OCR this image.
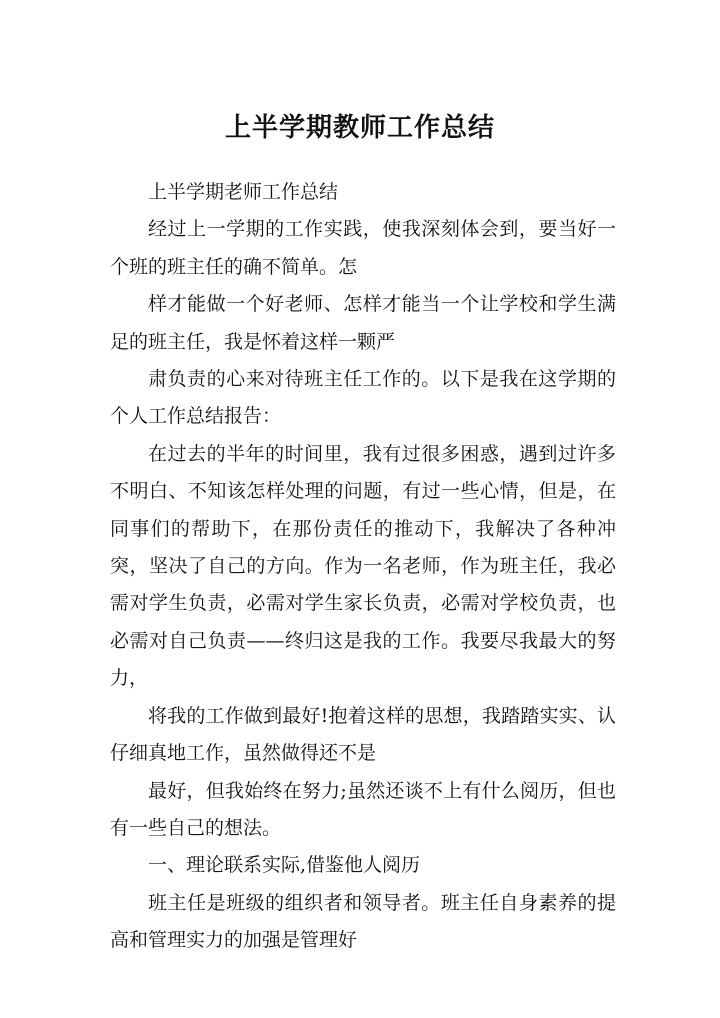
上半学期教师工作总结

上半学期老师工作总结

经过上一学期的工作实践，使我深刻体会到，要当好一个班的班主任的确不简单。怎

样才能做一个好老师、怎样才能当一个让学校和学生满足的班主任，我是怀着这样一颗严

肃负责的心来对待班主任工作的。以下是我在这学期的个人工作总结报告：

在过去的半年的时间里，我有过很多困惑，遇到过许多不明白、不知该怎样处理的问题，有过一些心情，但是，在同事们的帮助下，在那份责任的推动下，我解决了各种冲突，坚决了自己的方向。作为一名老师，作为班主任，我必需对学生负责，必需对学生家长负责，必需对学校负责，也必需对自己负责——终归这是我的工作。我要尽我最大的努力，

将我的工作做到最好!抱着这样的思想，我踏踏实实、认仔细真地工作，虽然做得还不是

最好，但我始终在努力;虽然还谈不上有什么阅历，但也有一些自己的想法。

一、理论联系实际,借鉴他人阅历

班主任是班级的组织者和领导者。班主任自身素养的提高和管理实力的加强是管理好
